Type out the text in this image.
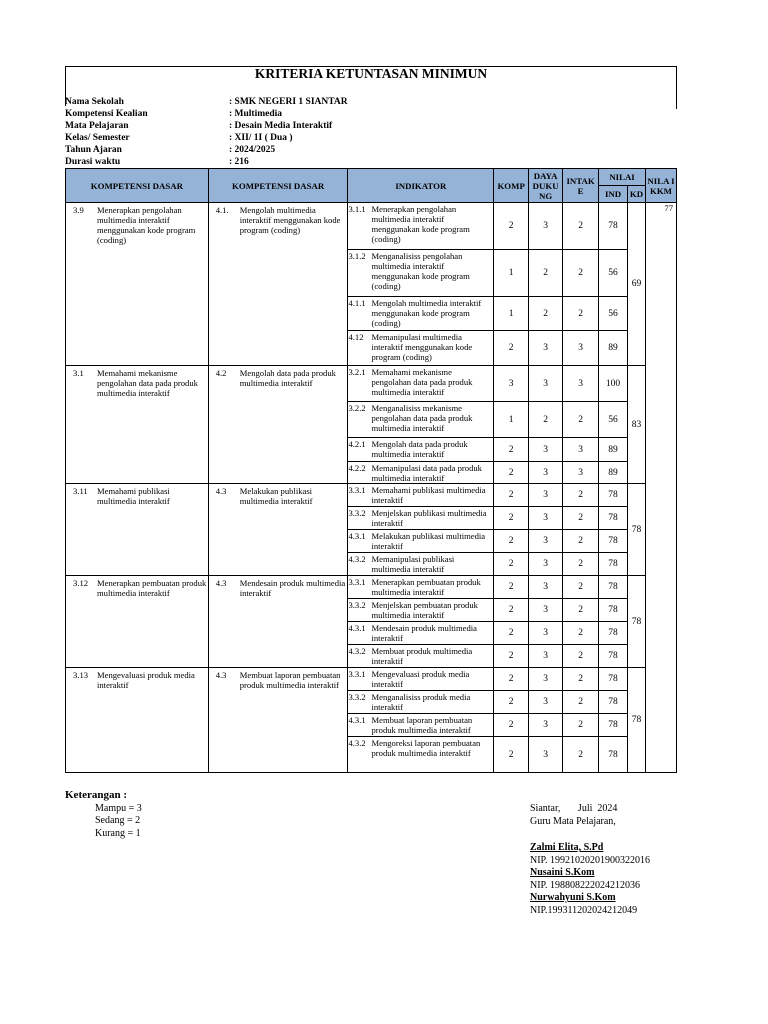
KRITERIA KETUNTASAN MINIMUN
Nama Sekolah	: SMK NEGERI 1 SIANTAR
Kompetensi Kealian	: Multimedia
Mata Pelajaran	: Desain Media Interaktif
Kelas/ Semester	: XII/ 1I ( Dua )
Tahun Ajaran	: 2024/2025
Durasi waktu	: 216
KOMPETENSI DASAR	KOMPETENSI DASAR	INDIKATOR	KOMP	DAYA DUKU NG	INTAK E	NILAI		NILA I KKM
						IND	KD	

3.9 Menerapkan pengolahan multimedia interaktif menggunakan kode program (coding)	4.1. Mengolah multimedia interaktif menggunakan kode program (coding)	3.1.1 Menerapkan pengolahan multimedia interaktif menggunakan kode program (coding)	2	3	2	78	69	77

		3.1.2 Menganalisiss pengolahan multimedia interaktif menggunakan kode program (coding)	1	2	2	56		

		4.1.1 Mengolah multimedia interaktif menggunakan kode program (coding)	1	2	2	56		

		4.12 Memanipulasi multimedia interaktif menggunakan kode program (coding)	2	3	3	89		

3.1 Memahami mekanisme pengolahan data pada produk multimedia interaktif	4.2 Mengolah data pada produk multimedia interaktif	3.2.1 Memahami mekanisme pengolahan data pada produk multimedia interaktif	3	3	3	100	83	

		3.2.2 Menganalisiss mekanisme pengolahan data pada produk multimedia interaktif	1	2	2	56		

		4.2.1 Mengolah data pada produk multimedia interaktif	2	3	3	89		

		4.2.2 Memanipulasi data pada produk multimedia interaktif	2	3	3	89		

3.11 Memahami publikasi multimedia interaktif	4.3 Melakukan publikasi multimedia interaktif	3.3.1 Memahami publikasi multimedia interaktif	2	3	2	78	78	

		3.3.2 Menjelskan publikasi multimedia interaktif	2	3	2	78		

		4.3.1 Melakukan publikasi multimedia interaktif	2	3	2	78		

		4.3.2 Memanipulasi publikasi multimedia interaktif	2	3	2	78		

3.12 Menerapkan pembuatan produk multimedia interaktif	4.3 Mendesain produk multimedia interaktif	3.3.1 Menerapkan pembuatan produk multimedia interaktif	2	3	2	78	78	

		3.3.2 Menjelskan pembuatan produk multimedia interaktif	2	3	2	78		

		4.3.1 Mendesain produk multimedia interaktif	2	3	2	78		

		4.3.2 Membuat produk multimedia interaktif	2	3	2	78		

3.13 Mengevaluasi produk media interaktif	4.3 Membuat laporan pembuatan produk multimedia interaktif	3.3.1 Mengevaluasi produk media interaktif	2	3	2	78	78	

		3.3.2 Menganalisiss produk media interaktif	2	3	2	78		

		4.3.1 Membuat laporan pembuatan produk multimedia interaktif	2	3	2	78		

		4.3.2 Mengoreksi laporan pembuatan produk multimedia interaktif	2	3	2	78		
Keterangan :
Mampu = 3
Sedang = 2
Kurang = 1
Siantar,       Juli  2024
Guru Mata Pelajaran,
Zalmi Elita, S.Pd
NIP. 19921020201900322016
Nusaini S.Kom
NIP. 198808222024212036
Nurwahyuni S.Kom
NIP.199311202024212049
